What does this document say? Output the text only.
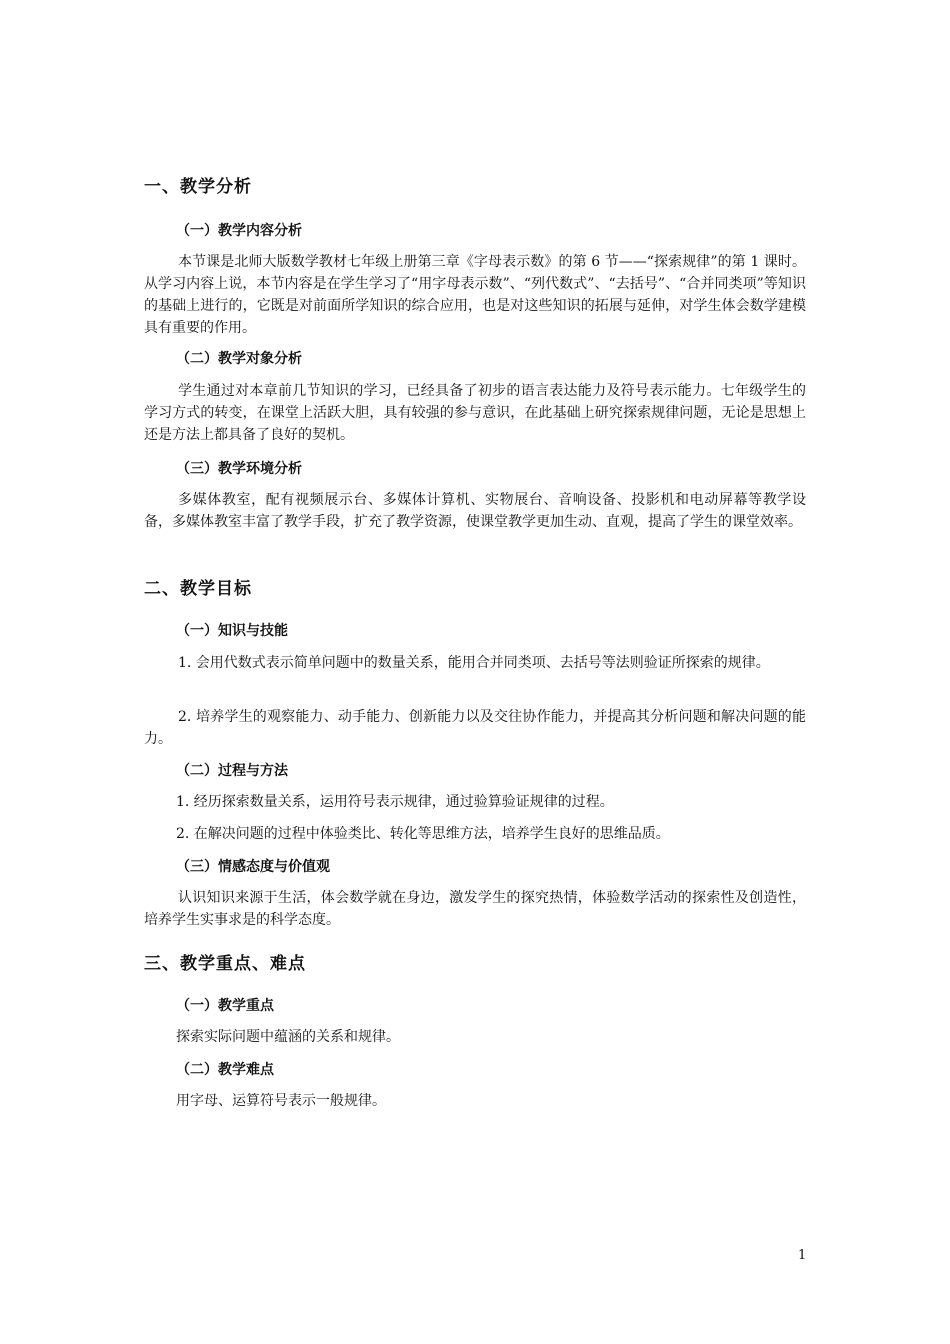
一、教学分析
（一）教学内容分析

本节课是北师大版数学教材七年级上册第三章《字母表示数》的第 6 节——“探索规律”的第 1 课时。从学习内容上说，本节内容是在学生学习了“用字母表示数”、“列代数式”、“去括号”、“合并同类项”等知识的基础上进行的，它既是对前面所学知识的综合应用，也是对这些知识的拓展与延伸，对学生体会数学建模具有重要的作用。

（二）教学对象分析

学生通过对本章前几节知识的学习，已经具备了初步的语言表达能力及符号表示能力。七年级学生的学习方式的转变，在课堂上活跃大胆，具有较强的参与意识，在此基础上研究探索规律问题，无论是思想上还是方法上都具备了良好的契机。

（三）教学环境分析

多媒体教室，配有视频展示台、多媒体计算机、实物展台、音响设备、投影机和电动屏幕等教学设备，多媒体教室丰富了教学手段，扩充了教学资源，使课堂教学更加生动、直观，提高了学生的课堂效率。

二、教学目标
（一）知识与技能

1. 会用代数式表示简单问题中的数量关系，能用合并同类项、去括号等法则验证所探索的规律。

2. 培养学生的观察能力、动手能力、创新能力以及交往协作能力，并提高其分析问题和解决问题的能力。

（二）过程与方法

1. 经历探索数量关系，运用符号表示规律，通过验算验证规律的过程。

2. 在解决问题的过程中体验类比、转化等思维方法，培养学生良好的思维品质。

（三）情感态度与价值观

认识知识来源于生活，体会数学就在身边，激发学生的探究热情，体验数学活动的探索性及创造性，培养学生实事求是的科学态度。

三、教学重点、难点
（一）教学重点

探索实际问题中蕴涵的关系和规律。

（二）教学难点

用字母、运算符号表示一般规律。

1
